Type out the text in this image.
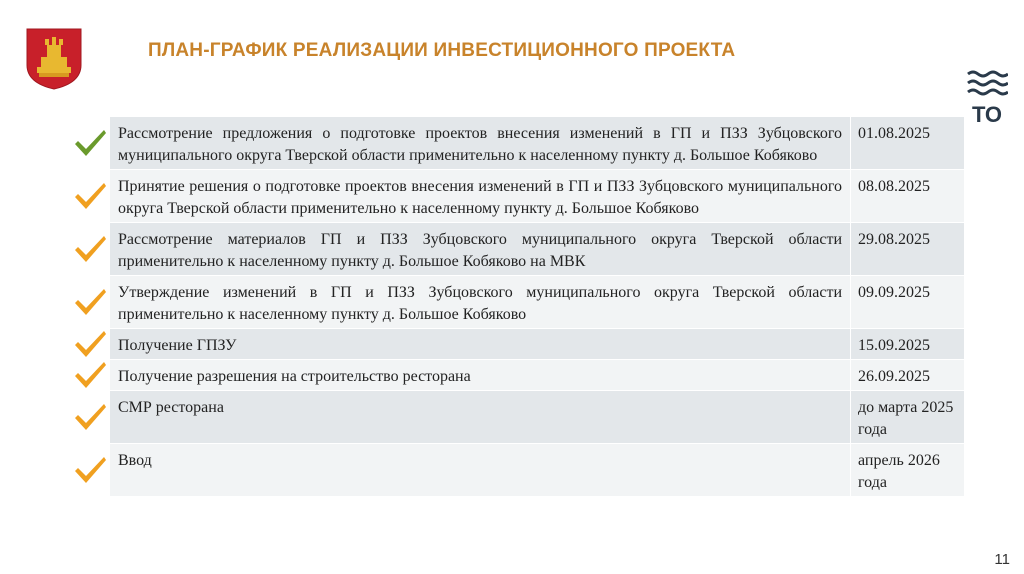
ТО
ПЛАН-ГРАФИК РЕАЛИЗАЦИИ ИНВЕСТИЦИОННОГО ПРОЕКТА
Рассмотрение предложения о подготовке проектов внесения изменений в ГП и ПЗЗ Зубцовского муниципального округа Тверской области применительно к населенному пункту д. Большое Кобяково	01.08.2025
Принятие решения о подготовке проектов внесения изменений в ГП и ПЗЗ Зубцовского муниципального округа Тверской области применительно к населенному пункту д. Большое Кобяково	08.08.2025
Рассмотрение материалов ГП и ПЗЗ Зубцовского муниципального округа Тверской области применительно к населенному пункту д. Большое Кобяково на МВК	29.08.2025
Утверждение изменений в ГП и ПЗЗ Зубцовского муниципального округа Тверской области применительно к населенному пункту д. Большое Кобяково	09.09.2025
Получение ГПЗУ	15.09.2025
Получение разрешения на строительство ресторана	26.09.2025
СМР ресторана	до марта 2025 года
Ввод	апрель 2026 года
11
